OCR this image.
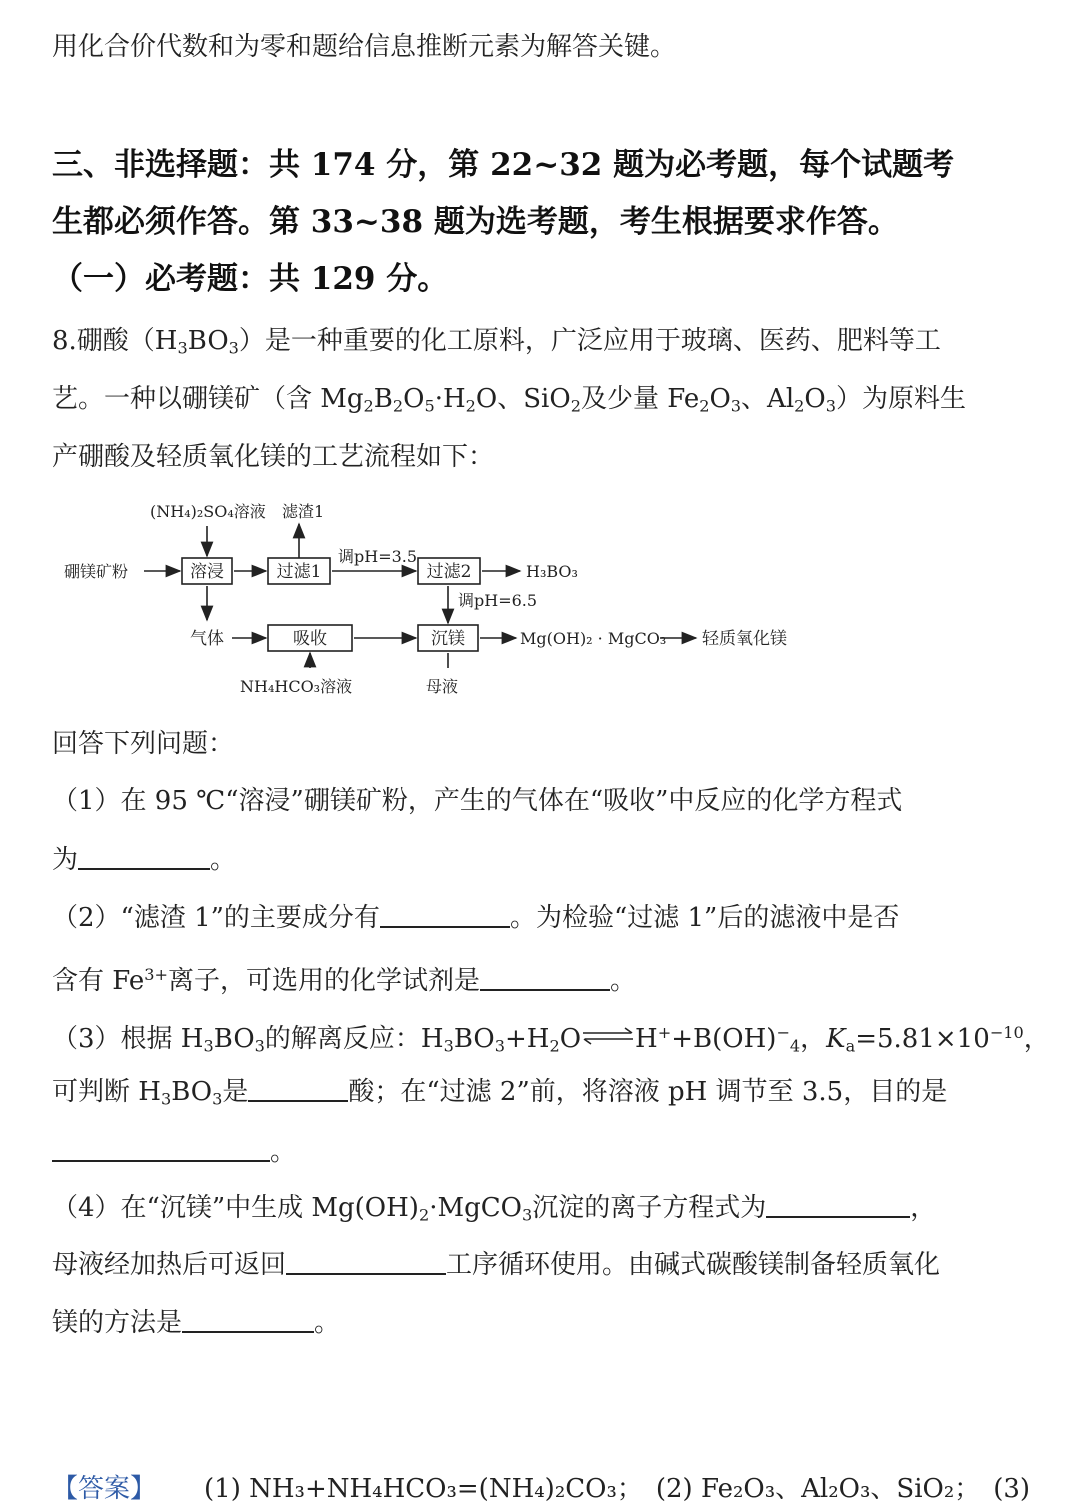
用化合价代数和为零和题给信息推断元素为解答关键。
三、非选择题：共 174 分，第 22~32 题为必考题，每个试题考
生都必须作答。第 33~38 题为选考题，考生根据要求作答。
（一）必考题：共 129 分。
8.硼酸（H3BO3）是一种重要的化工原料，广泛应用于玻璃、医药、肥料等工
艺。一种以硼镁矿（含 Mg2B2O5·H2O、SiO2及少量 Fe2O3、Al2O3）为原料生
产硼酸及轻质氧化镁的工艺流程如下：
(NH₄)₂SO₄溶液 滤渣1
硼镁矿粉	溶浸	过滤1
调pH=3.5
过滤2	H₃BO₃
调pH=6.5
气体	吸收	沉镁	Mg(OH)₂ · MgCO₃ 轻质氧化镁
NH₄HCO₃溶液	母液
回答下列问题：
（1）在 95 ℃“溶浸”硼镁矿粉，产生的气体在“吸收”中反应的化学方程式
为	。
（2）“滤渣 1”的主要成分有	。为检验“过滤 1”后的滤液中是否
含有 $Fe^{3+}$离子，可选用的化学试剂是	。
（3）根据 H3BO3的解离反应：H3BO3+H2O⇌H++B(OH)−4，$Ka=5.81\times 10^{-10}$，
可判断 H3BO3是	酸；在“过滤 2”前，将溶液 pH 调节至 3.5，目的是
。
（4）在“沉镁”中生成 Mg(OH)2·MgCO3沉淀的离子方程式为	，
母液经加热后可返回	工序循环使用。由碱式碳酸镁制备轻质氧化
镁的方法是	。
【答案】 (1) NH₃+NH₄HCO₃=(NH₄)₂CO₃；　(2) Fe₂O₃、Al₂O₃、SiO₂；　(3)
